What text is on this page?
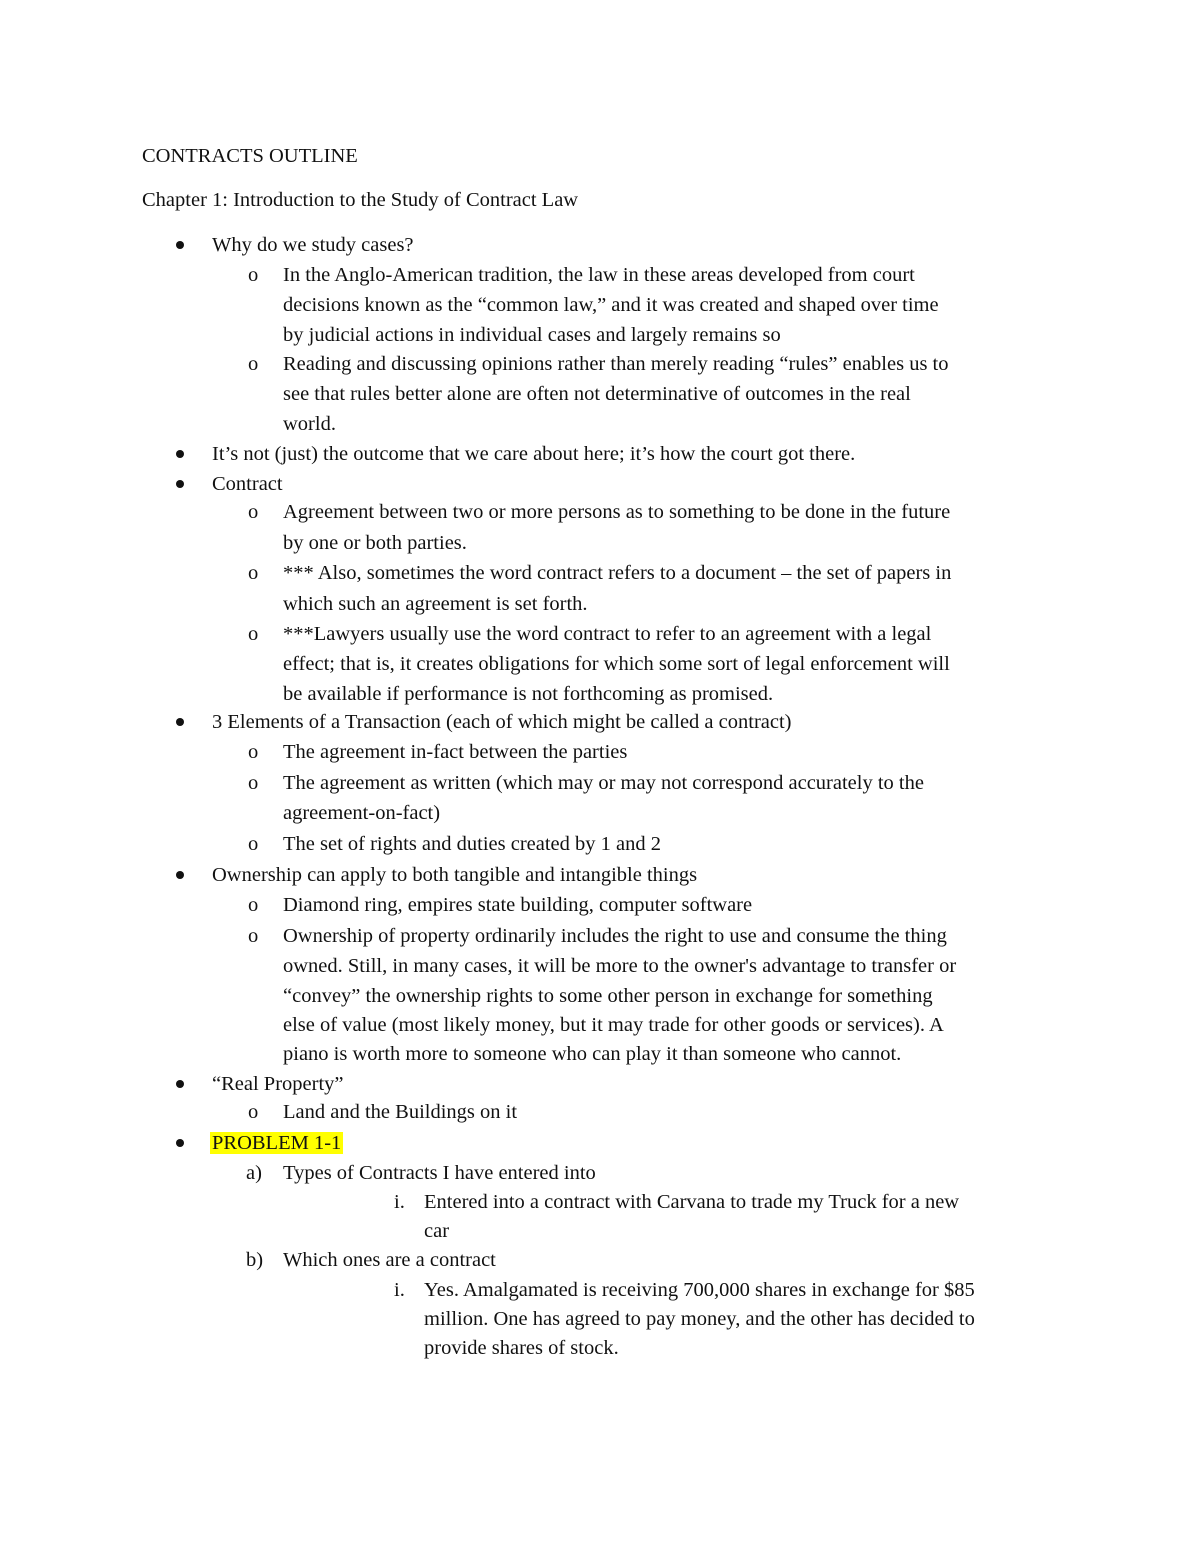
CONTRACTS OUTLINE
Chapter 1: Introduction to the Study of Contract Law
Why do we study cases?
o In the Anglo-American tradition, the law in these areas developed from court
decisions known as the “common law,” and it was created and shaped over time
by judicial actions in individual cases and largely remains so
o Reading and discussing opinions rather than merely reading “rules” enables us to
see that rules better alone are often not determinative of outcomes in the real
world.
It’s not (just) the outcome that we care about here; it’s how the court got there.
Contract
o Agreement between two or more persons as to something to be done in the future
by one or both parties.
o *** Also, sometimes the word contract refers to a document – the set of papers in
which such an agreement is set forth.
o ***Lawyers usually use the word contract to refer to an agreement with a legal
effect; that is, it creates obligations for which some sort of legal enforcement will
be available if performance is not forthcoming as promised.
3 Elements of a Transaction (each of which might be called a contract)
o The agreement in-fact between the parties
o The agreement as written (which may or may not correspond accurately to the
agreement-on-fact)
o The set of rights and duties created by 1 and 2
Ownership can apply to both tangible and intangible things
o Diamond ring, empires state building, computer software
o Ownership of property ordinarily includes the right to use and consume the thing
owned. Still, in many cases, it will be more to the owner's advantage to transfer or
“convey” the ownership rights to some other person in exchange for something
else of value (most likely money, but it may trade for other goods or services). A
piano is worth more to someone who can play it than someone who cannot.
“Real Property”
o Land and the Buildings on it
PROBLEM 1-1
a) Types of Contracts I have entered into
i. Entered into a contract with Carvana to trade my Truck for a new
car
b) Which ones are a contract
i. Yes. Amalgamated is receiving 700,000 shares in exchange for $85
million. One has agreed to pay money, and the other has decided to
provide shares of stock.
